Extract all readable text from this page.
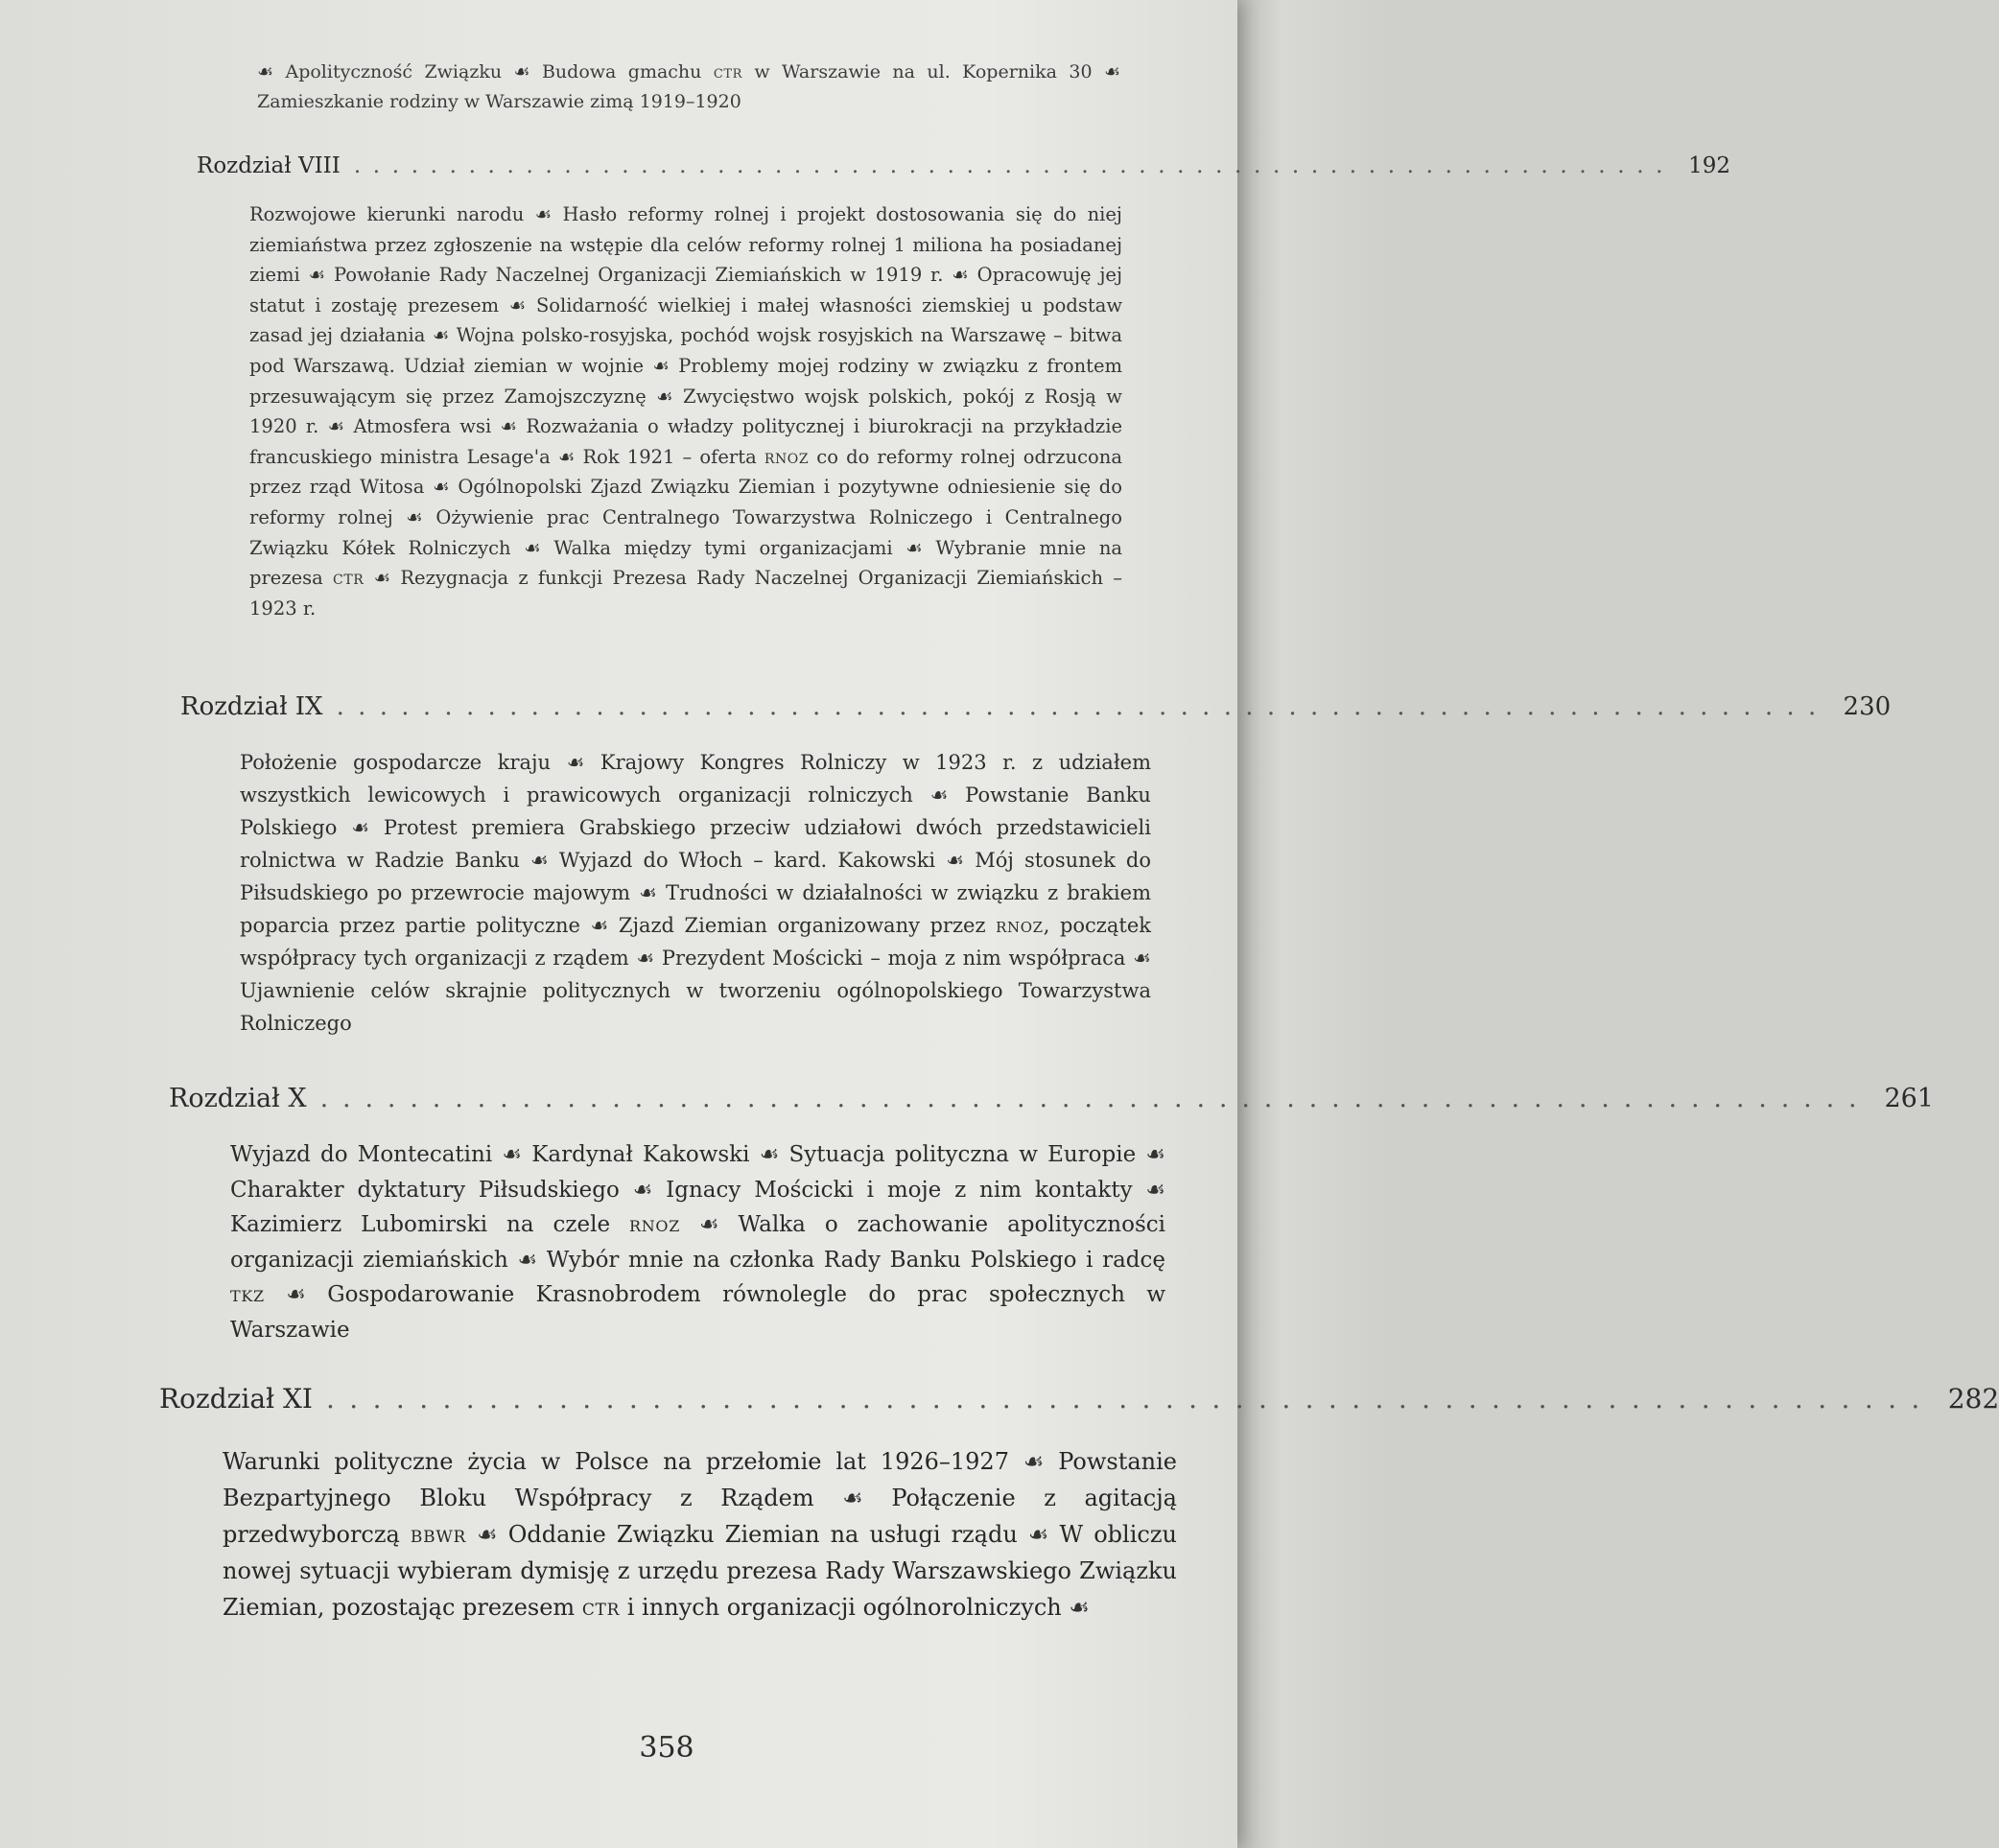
☙ Apolityczność Związku ☙ Budowa gmachu ctr w Warszawie na ul. Kopernika 30 ☙ Zamieszkanie rodziny w Warszawie zimą 1919–1920
Rozdział VIII ..................................................................... 192
Rozwojowe kierunki narodu ☙ Hasło reformy rolnej i projekt dostosowania się do niej ziemiaństwa przez zgłoszenie na wstępie dla celów reformy rolnej 1 miliona ha posiadanej ziemi ☙ Powołanie Rady Naczelnej Organizacji Ziemiańskich w 1919 r. ☙ Opracowuję jej statut i zostaję prezesem ☙ Solidarność wielkiej i małej własności ziemskiej u podstaw zasad jej działania ☙ Wojna polsko-rosyjska, pochód wojsk rosyjskich na Warszawę – bitwa pod Warszawą. Udział ziemian w wojnie ☙ Problemy mojej rodziny w związku z frontem przesuwającym się przez Zamojszczyznę ☙ Zwycięstwo wojsk polskich, pokój z Rosją w 1920 r. ☙ Atmosfera wsi ☙ Rozważania o władzy politycznej i biurokracji na przykładzie francuskiego ministra Lesage'a ☙ Rok 1921 – oferta rnoz co do reformy rolnej odrzucona przez rząd Witosa ☙ Ogólnopolski Zjazd Związku Ziemian i pozytywne odniesienie się do reformy rolnej ☙ Ożywienie prac Centralnego Towarzystwa Rolniczego i Centralnego Związku Kółek Rolniczych ☙ Walka między tymi organizacjami ☙ Wybranie mnie na prezesa ctr ☙ Rezygnacja z funkcji Prezesa Rady Naczelnej Organizacji Ziemiańskich – 1923 r.
Rozdział IX ..................................................................... 230
Położenie gospodarcze kraju ☙ Krajowy Kongres Rolniczy w 1923 r. z udziałem wszystkich lewicowych i prawicowych organizacji rolniczych ☙ Powstanie Banku Polskiego ☙ Protest premiera Grabskiego przeciw udziałowi dwóch przedstawicieli rolnictwa w Radzie Banku ☙ Wyjazd do Włoch – kard. Kakowski ☙ Mój stosunek do Piłsudskiego po przewrocie majowym ☙ Trudności w działalności w związku z brakiem poparcia przez partie polityczne ☙ Zjazd Ziemian organizowany przez rnoz, początek współpracy tych organizacji z rządem ☙ Prezydent Mościcki – moja z nim współpraca ☙ Ujawnienie celów skrajnie politycznych w tworzeniu ogólnopolskiego Towarzystwa Rolniczego
Rozdział X ..................................................................... 261
Wyjazd do Montecatini ☙ Kardynał Kakowski ☙ Sytuacja polityczna w Europie ☙ Charakter dyktatury Piłsudskiego ☙ Ignacy Mościcki i moje z nim kontakty ☙ Kazimierz Lubomirski na czele rnoz ☙ Walka o zachowanie apolityczności organizacji ziemiańskich ☙ Wybór mnie na członka Rady Banku Polskiego i radcę tkz ☙ Gospodarowanie Krasnobrodem równolegle do prac społecznych w Warszawie
Rozdział XI ..................................................................... 282
Warunki polityczne życia w Polsce na przełomie lat 1926–1927 ☙ Powstanie Bezpartyjnego Bloku Współpracy z Rządem ☙ Połączenie z agitacją przedwyborczą bbwr ☙ Oddanie Związku Ziemian na usługi rządu ☙ W obliczu nowej sytuacji wybieram dymisję z urzędu prezesa Rady Warszawskiego Związku Ziemian, pozostając prezesem ctr i innych organizacji ogólnorolniczych ☙
358
